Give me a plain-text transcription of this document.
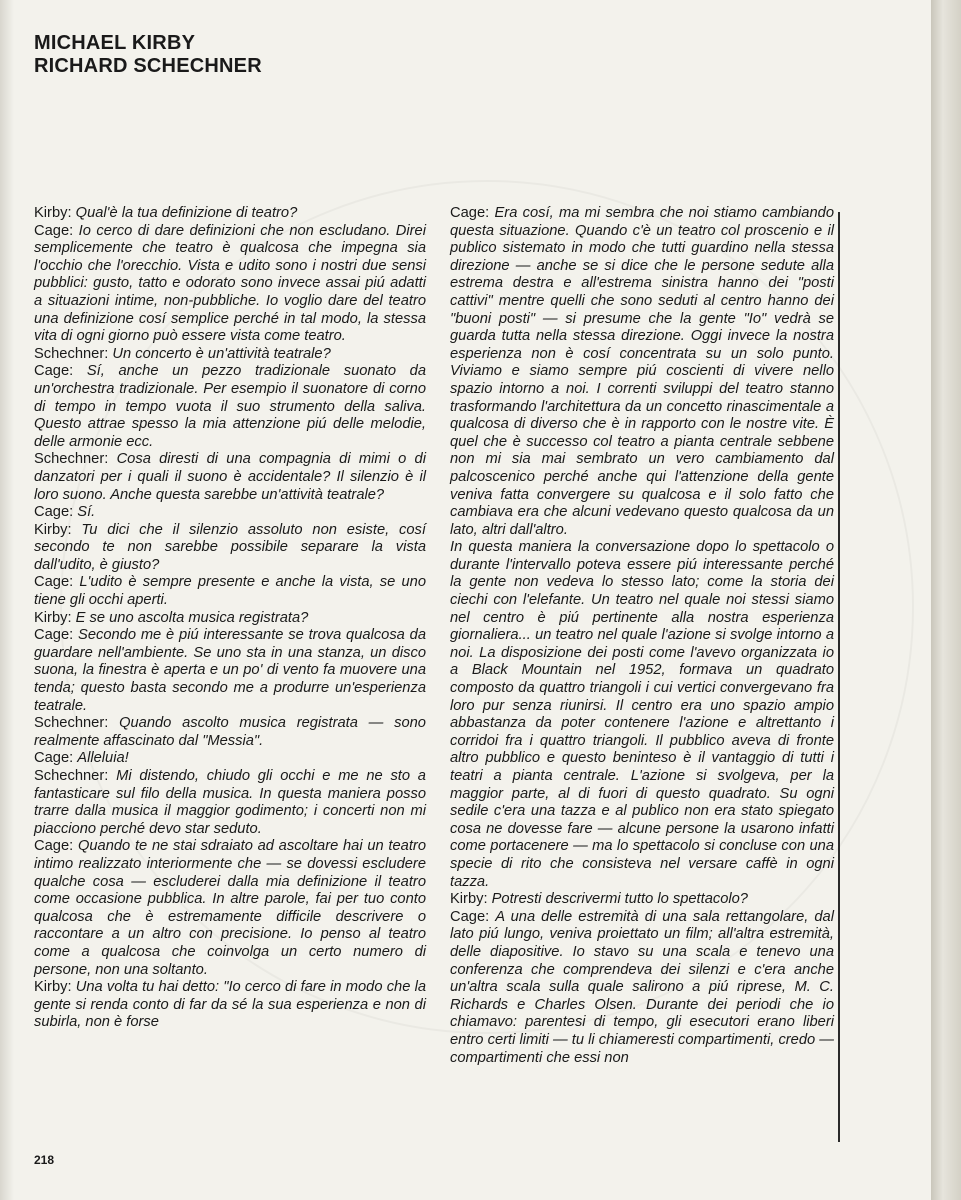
MICHAEL KIRBY
RICHARD SCHECHNER

Kirby: Qual'è la tua definizione di teatro?

Cage: Io cerco di dare definizioni che non escludano. Direi semplicemente che teatro è qualcosa che impegna sia l'occhio che l'orecchio. Vista e udito sono i nostri due sensi pubblici: gusto, tatto e odorato sono invece assai piú adatti a situazioni intime, non-pubbliche. Io voglio dare del teatro una definizione cosí semplice perché in tal modo, la stessa vita di ogni giorno può essere vista come teatro.

Schechner: Un concerto è un'attività teatrale?

Cage: Sí, anche un pezzo tradizionale suonato da un'orchestra tradizionale. Per esempio il suonatore di corno di tempo in tempo vuota il suo strumento della saliva. Questo attrae spesso la mia attenzione piú delle melodie, delle armonie ecc.

Schechner: Cosa diresti di una compagnia di mimi o di danzatori per i quali il suono è accidentale? Il silenzio è il loro suono. Anche questa sarebbe un'attività teatrale?

Cage: Sí.

Kirby: Tu dici che il silenzio assoluto non esiste, cosí secondo te non sarebbe possibile separare la vista dall'udito, è giusto?

Cage: L'udito è sempre presente e anche la vista, se uno tiene gli occhi aperti.

Kirby: E se uno ascolta musica registrata?

Cage: Secondo me è piú interessante se trova qualcosa da guardare nell'ambiente. Se uno sta in una stanza, un disco suona, la finestra è aperta e un po' di vento fa muovere una tenda; questo basta secondo me a produrre un'esperienza teatrale.

Schechner: Quando ascolto musica registrata — sono realmente affascinato dal "Messia".

Cage: Alleluia!

Schechner: Mi distendo, chiudo gli occhi e me ne sto a fantasticare sul filo della musica. In questa maniera posso trarre dalla musica il maggior godimento; i concerti non mi piacciono perché devo star seduto.

Cage: Quando te ne stai sdraiato ad ascoltare hai un teatro intimo realizzato interiormente che — se dovessi escludere qualche cosa — escluderei dalla mia definizione il teatro come occasione pubblica. In altre parole, fai per tuo conto qualcosa che è estremamente difficile descrivere o raccontare a un altro con precisione. Io penso al teatro come a qualcosa che coinvolga un certo numero di persone, non una soltanto.

Kirby: Una volta tu hai detto: "Io cerco di fare in modo che la gente si renda conto di far da sé la sua esperienza e non di subirla, non è forse

Cage: Era cosí, ma mi sembra che noi stiamo cambiando questa situazione. Quando c'è un teatro col proscenio e il publico sistemato in modo che tutti guardino nella stessa direzione — anche se si dice che le persone sedute alla estrema destra e all'estrema sinistra hanno dei "posti cattivi" mentre quelli che sono seduti al centro hanno dei "buoni posti" — si presume che la gente "Io" vedrà se guarda tutta nella stessa direzione. Oggi invece la nostra esperienza non è cosí concentrata su un solo punto. Viviamo e siamo sempre piú coscienti di vivere nello spazio intorno a noi. I correnti sviluppi del teatro stanno trasformando l'architettura da un concetto rinascimentale a qualcosa di diverso che è in rapporto con le nostre vite. È quel che è successo col teatro a pianta centrale sebbene non mi sia mai sembrato un vero cambiamento dal palcoscenico perché anche qui l'attenzione della gente veniva fatta convergere su qualcosa e il solo fatto che cambiava era che alcuni vedevano questo qualcosa da un lato, altri dall'altro.

In questa maniera la conversazione dopo lo spettacolo o durante l'intervallo poteva essere piú interessante perché la gente non vedeva lo stesso lato; come la storia dei ciechi con l'elefante. Un teatro nel quale noi stessi siamo nel centro è piú pertinente alla nostra esperienza giornaliera... un teatro nel quale l'azione si svolge intorno a noi. La disposizione dei posti come l'avevo organizzata io a Black Mountain nel 1952, formava un quadrato composto da quattro triangoli i cui vertici convergevano fra loro pur senza riunirsi. Il centro era uno spazio ampio abbastanza da poter contenere l'azione e altrettanto i corridoi fra i quattro triangoli. Il pubblico aveva di fronte altro pubblico e questo beninteso è il vantaggio di tutti i teatri a pianta centrale. L'azione si svolgeva, per la maggior parte, al di fuori di questo quadrato. Su ogni sedile c'era una tazza e al publico non era stato spiegato cosa ne dovesse fare — alcune persone la usarono infatti come portacenere — ma lo spettacolo si concluse con una specie di rito che consisteva nel versare caffè in ogni tazza.

Kirby: Potresti descrivermi tutto lo spettacolo?

Cage: A una delle estremità di una sala rettangolare, dal lato piú lungo, veniva proiettato un film; all'altra estremità, delle diapositive. Io stavo su una scala e tenevo una conferenza che comprendeva dei silenzi e c'era anche un'altra scala sulla quale salirono a piú riprese, M. C. Richards e Charles Olsen. Durante dei periodi che io chiamavo: parentesi di tempo, gli esecutori erano liberi entro certi limiti — tu li chiameresti compartimenti, credo — compartimenti che essi non

218
